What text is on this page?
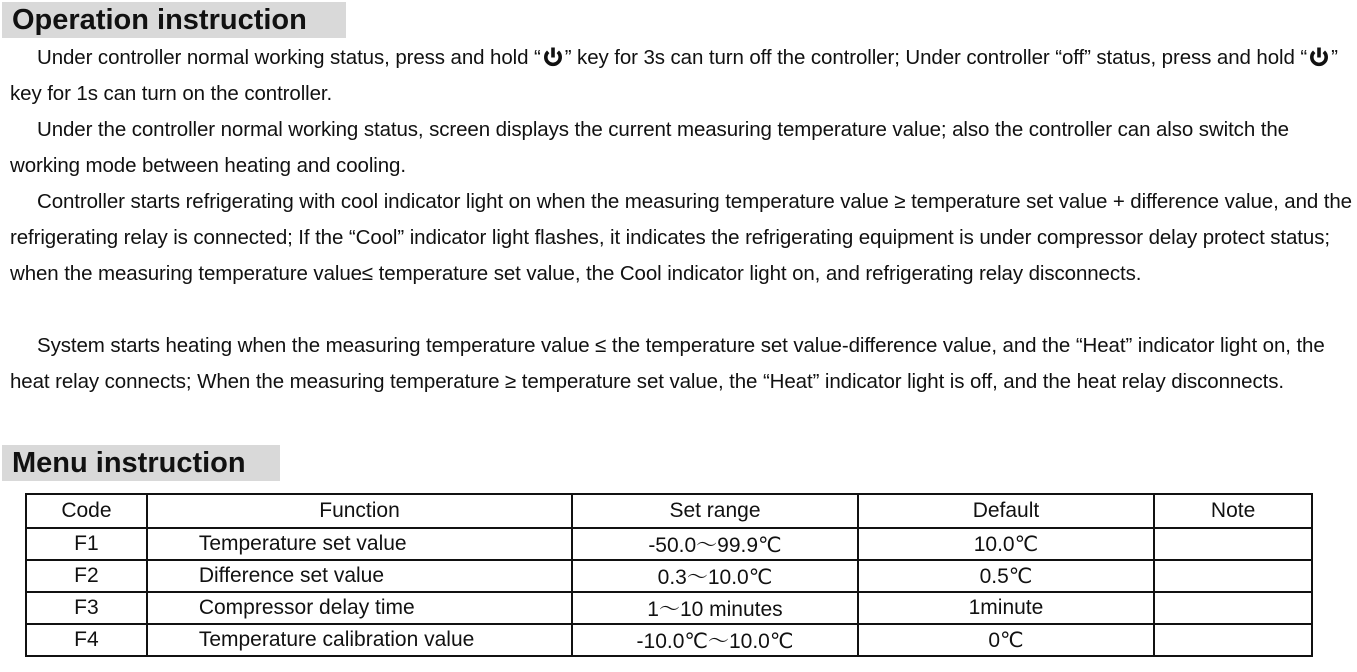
Operation instruction
Under controller normal working status, press and hold “ ” key for 3s can turn off the controller; Under controller “off” status, press and hold “ ” key for 1s can turn on the controller.
Under the controller normal working status, screen displays the current measuring temperature value; also the controller can also switch the working mode between heating and cooling.
Controller starts refrigerating with cool indicator light on when the measuring temperature value ≥ temperature set value + difference value, and the refrigerating relay is connected; If the “Cool” indicator light flashes, it indicates the refrigerating equipment is under compressor delay protect status; when the measuring temperature value≤ temperature set value, the Cool indicator light on, and refrigerating relay disconnects.
System starts heating when the measuring temperature value ≤ the temperature set value-difference value, and the “Heat” indicator light on, the heat relay connects; When the measuring temperature ≥ temperature set value, the “Heat” indicator light is off, and the heat relay disconnects.
Menu instruction
Code	Function	Set range	Default	Note
F1	Temperature set value	-50.0～99.9℃	10.0℃	
F2	Difference set value	0.3～10.0℃	0.5℃	
F3	Compressor delay time	1～10 minutes	1minute	
F4	Temperature calibration value	-10.0℃～10.0℃	0℃	
